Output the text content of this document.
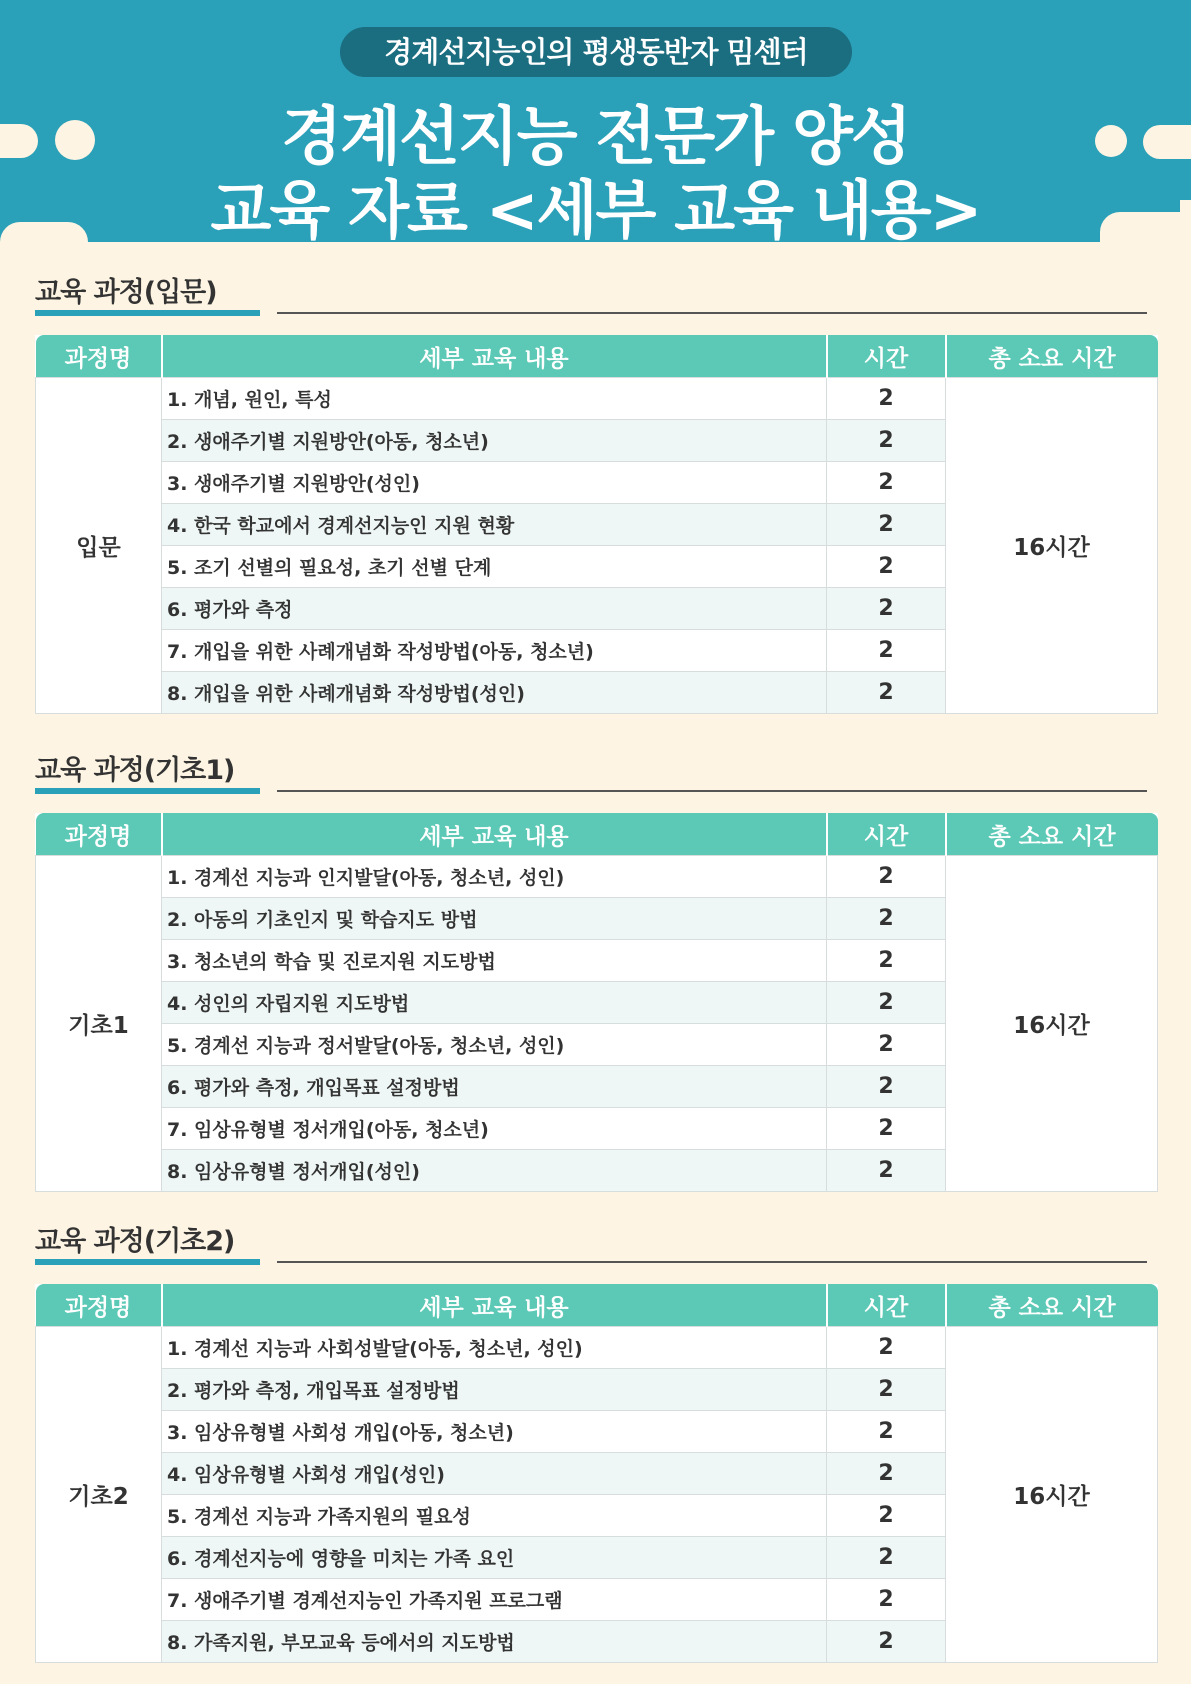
경계선지능인의 평생동반자 밈센터
경계선지능 전문가 양성
교육 자료 <세부 교육 내용>
교육 과정(입문)
과정명	세부 교육 내용	시간	총 소요 시간
입문	1. 개념, 원인, 특성	2	16시간
	2. 생애주기별 지원방안(아동, 청소년)	2	
	3. 생애주기별 지원방안(성인)	2	
	4. 한국 학교에서 경계선지능인 지원 현황	2	
	5. 조기 선별의 필요성, 초기 선별 단계	2	
	6. 평가와 측정	2	
	7. 개입을 위한 사례개념화 작성방법(아동, 청소년)	2	
	8. 개입을 위한 사례개념화 작성방법(성인)	2	
교육 과정(기초1)
과정명	세부 교육 내용	시간	총 소요 시간
기초1	1. 경계선 지능과 인지발달(아동, 청소년, 성인)	2	16시간
	2. 아동의 기초인지 및 학습지도 방법	2	
	3. 청소년의 학습 및 진로지원 지도방법	2	
	4. 성인의 자립지원 지도방법	2	
	5. 경계선 지능과 정서발달(아동, 청소년, 성인)	2	
	6. 평가와 측정, 개입목표 설정방법	2	
	7. 임상유형별 정서개입(아동, 청소년)	2	
	8. 임상유형별 정서개입(성인)	2	
교육 과정(기초2)
과정명	세부 교육 내용	시간	총 소요 시간
기초2	1. 경계선 지능과 사회성발달(아동, 청소년, 성인)	2	16시간
	2. 평가와 측정, 개입목표 설정방법	2	
	3. 임상유형별 사회성 개입(아동, 청소년)	2	
	4. 임상유형별 사회성 개입(성인)	2	
	5. 경계선 지능과 가족지원의 필요성	2	
	6. 경계선지능에 영향을 미치는 가족 요인	2	
	7. 생애주기별 경계선지능인 가족지원 프로그램	2	
	8. 가족지원, 부모교육 등에서의 지도방법	2	
